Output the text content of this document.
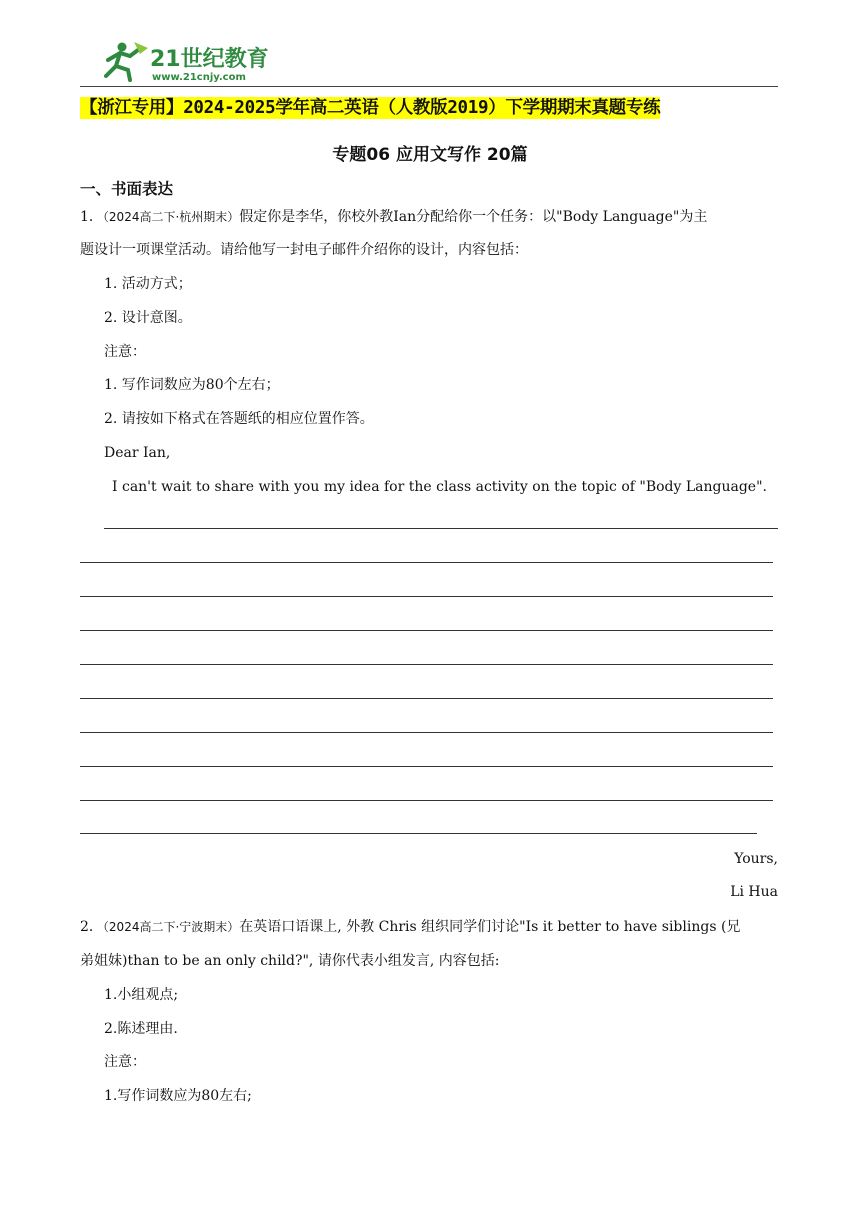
21世纪教育
www.21cnjy.com
【浙江专用】2024-2025学年高二英语（人教版2019）下学期期末真题专练
专题06 应用文写作 20篇
一、书面表达
1．（2024高二下·杭州期末）假定你是李华，你校外教Ian分配给你一个任务：以"Body Language"为主
题设计一项课堂活动。请给他写一封电子邮件介绍你的设计，内容包括：
1. 活动方式；
2. 设计意图。
注意：
1. 写作词数应为80个左右；
2. 请按如下格式在答题纸的相应位置作答。
Dear Ian,
I can't wait to share with you my idea for the class activity on the topic of "Body Language".
Yours,
Li Hua
2．（2024高二下·宁波期末）在英语口语课上, 外教 Chris 组织同学们讨论"Is it better to have siblings (兄
弟姐妹)than to be an only child?", 请你代表小组发言, 内容包括:
1.小组观点;
2.陈述理由.
注意：
1.写作词数应为80左右;
